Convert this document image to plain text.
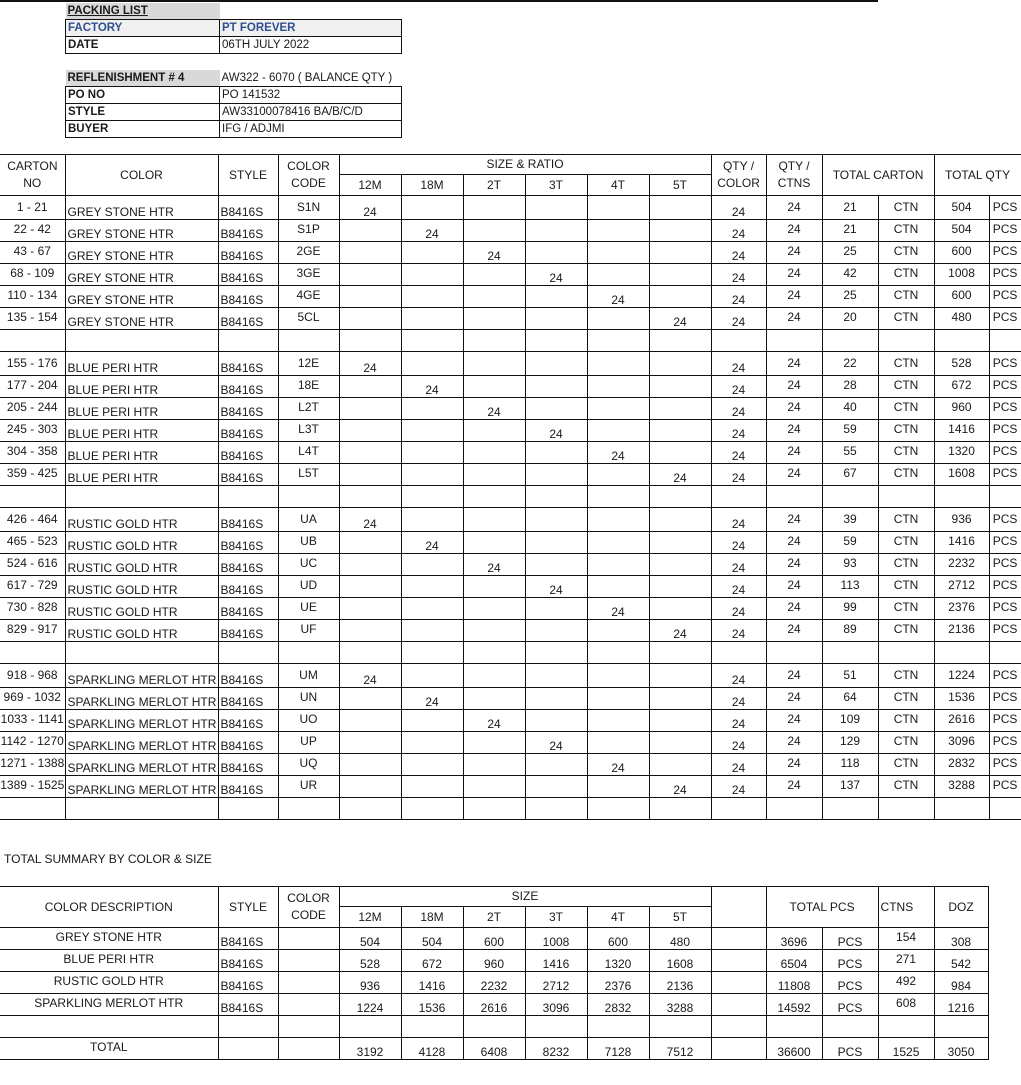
PACKING LIST	
FACTORY	PT FOREVER
DATE	06TH JULY 2022
REFLENISHMENT # 4	AW322 - 6070 ( BALANCE QTY )
PO NO	PO 141532
STYLE	AW33100078416 BA/B/C/D
BUYER	IFG / ADJMI
CARTON NO	COLOR	STYLE	COLOR CODE	SIZE & RATIO						QTY / COLOR	QTY / CTNS	TOTAL CARTON		TOTAL QTY	
				12M	18M	2T	3T	4T	5T						
1 - 21	GREY STONE HTR	B8416S	S1N	24						24	24	21	CTN	504	PCS
22 - 42	GREY STONE HTR	B8416S	S1P		24					24	24	21	CTN	504	PCS
43 - 67	GREY STONE HTR	B8416S	2GE			24				24	24	25	CTN	600	PCS
68 - 109	GREY STONE HTR	B8416S	3GE				24			24	24	42	CTN	1008	PCS
110 - 134	GREY STONE HTR	B8416S	4GE					24		24	24	25	CTN	600	PCS
135 - 154	GREY STONE HTR	B8416S	5CL						24	24	24	20	CTN	480	PCS

155 - 176	BLUE PERI HTR	B8416S	12E	24						24	24	22	CTN	528	PCS
177 - 204	BLUE PERI HTR	B8416S	18E		24					24	24	28	CTN	672	PCS
205 - 244	BLUE PERI HTR	B8416S	L2T			24				24	24	40	CTN	960	PCS
245 - 303	BLUE PERI HTR	B8416S	L3T				24			24	24	59	CTN	1416	PCS
304 - 358	BLUE PERI HTR	B8416S	L4T					24		24	24	55	CTN	1320	PCS
359 - 425	BLUE PERI HTR	B8416S	L5T						24	24	24	67	CTN	1608	PCS

426 - 464	RUSTIC GOLD HTR	B8416S	UA	24						24	24	39	CTN	936	PCS
465 - 523	RUSTIC GOLD HTR	B8416S	UB		24					24	24	59	CTN	1416	PCS
524 - 616	RUSTIC GOLD HTR	B8416S	UC			24				24	24	93	CTN	2232	PCS
617 - 729	RUSTIC GOLD HTR	B8416S	UD				24			24	24	113	CTN	2712	PCS
730 - 828	RUSTIC GOLD HTR	B8416S	UE					24		24	24	99	CTN	2376	PCS
829 - 917	RUSTIC GOLD HTR	B8416S	UF						24	24	24	89	CTN	2136	PCS

918 - 968	SPARKLING MERLOT HTR	B8416S	UM	24						24	24	51	CTN	1224	PCS
969 - 1032	SPARKLING MERLOT HTR	B8416S	UN		24					24	24	64	CTN	1536	PCS
1033 - 1141	SPARKLING MERLOT HTR	B8416S	UO			24				24	24	109	CTN	2616	PCS
1142 - 1270	SPARKLING MERLOT HTR	B8416S	UP				24			24	24	129	CTN	3096	PCS
1271 - 1388	SPARKLING MERLOT HTR	B8416S	UQ					24		24	24	118	CTN	2832	PCS
1389 - 1525	SPARKLING MERLOT HTR	B8416S	UR						24	24	24	137	CTN	3288	PCS

TOTAL SUMMARY BY COLOR & SIZE
COLOR DESCRIPTION	STYLE	COLOR CODE	SIZE							TOTAL PCS		CTNS	DOZ
			12M	18M	2T	3T	4T	5T					
GREY STONE HTR	B8416S		504	504	600	1008	600	480		3696	PCS	154	308
BLUE PERI HTR	B8416S		528	672	960	1416	1320	1608		6504	PCS	271	542
RUSTIC GOLD HTR	B8416S		936	1416	2232	2712	2376	2136		11808	PCS	492	984
SPARKLING MERLOT HTR	B8416S		1224	1536	2616	3096	2832	3288		14592	PCS	608	1216

TOTAL			3192	4128	6408	8232	7128	7512		36600	PCS	1525	3050
